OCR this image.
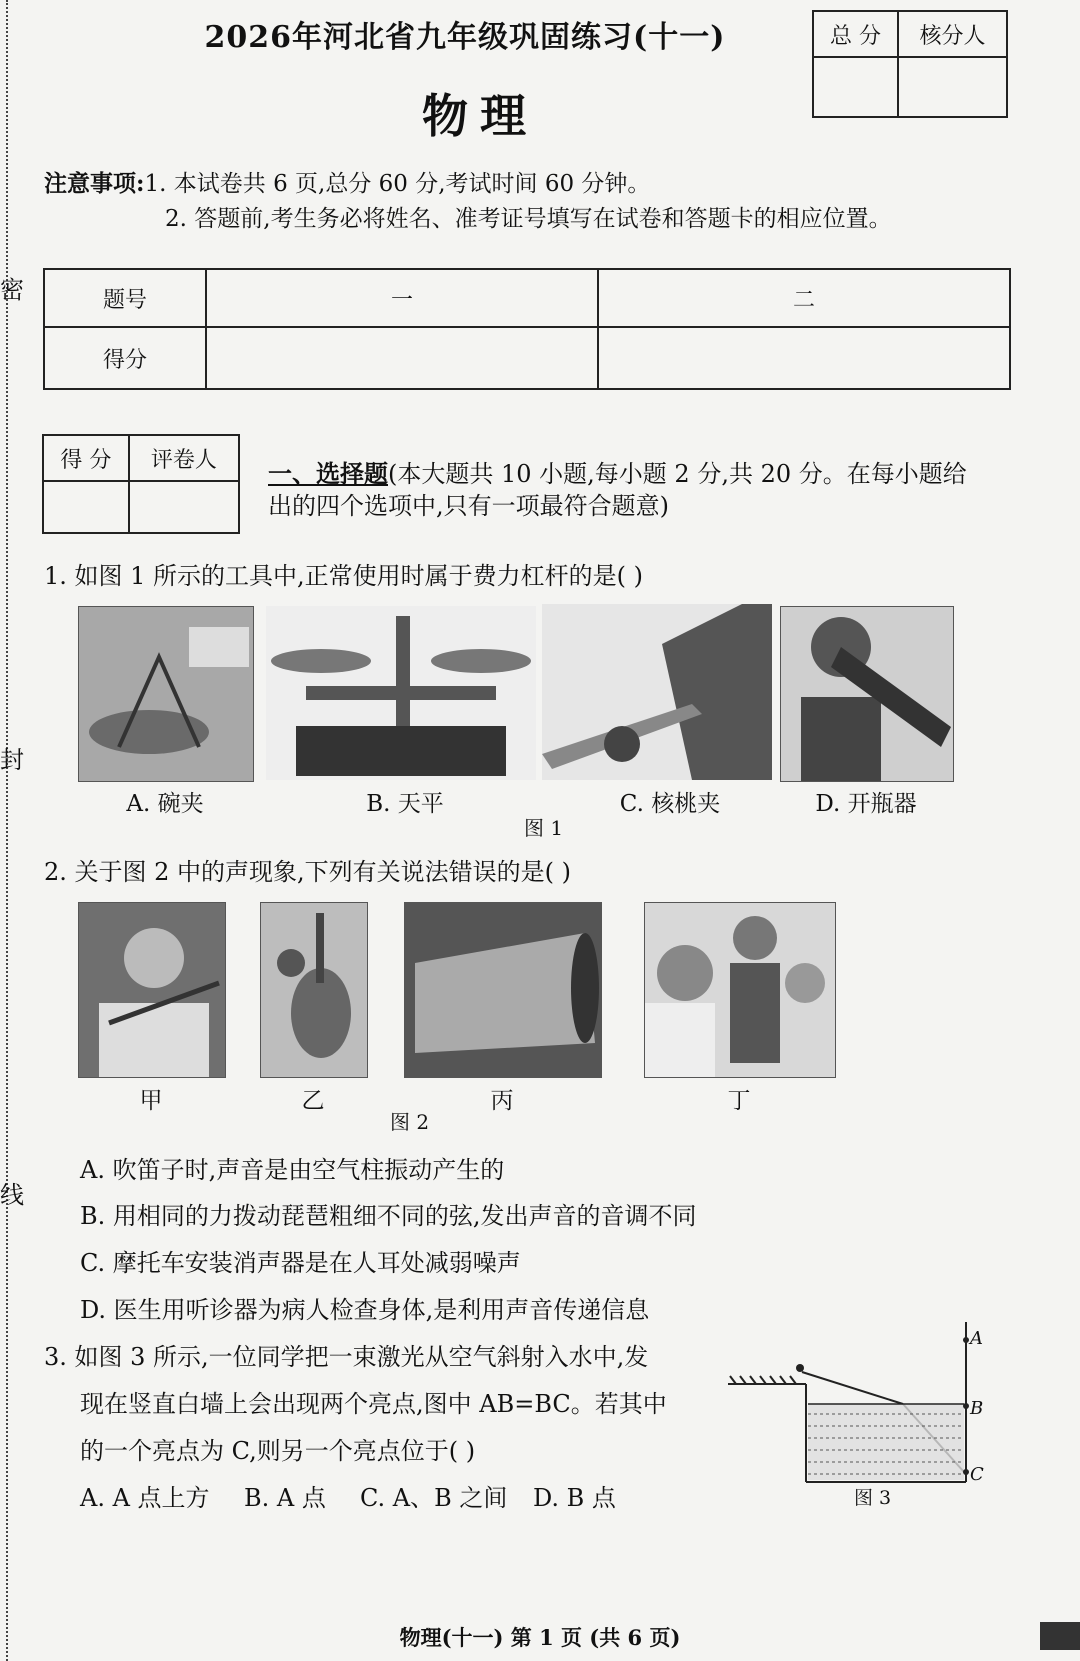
密
封
线
2026年河北省九年级巩固练习(十一)
物理
总 分	核分人

注意事项:1. 本试卷共 6 页,总分 60 分,考试时间 60 分钟。
2. 答题前,考生务必将姓名、准考证号填写在试卷和答题卡的相应位置。
题号	一	二
得分		
得 分	评卷人
	一、选择题(本大题共 10 小题,每小题 2 分,共 20 分。在每小题给
出的四个选项中,只有一项最符合题意)
1. 如图 1 所示的工具中,正常使用时属于费力杠杆的是( )
A. 碗夹	B. 天平	C. 核桃夹	D. 开瓶器
图 1
2. 关于图 2 中的声现象,下列有关说法错误的是( )
甲	乙	丙	丁
图 2
A. 吹笛子时,声音是由空气柱振动产生的
B. 用相同的力拨动琵琶粗细不同的弦,发出声音的音调不同
C. 摩托车安装消声器是在人耳处减弱噪声
D. 医生用听诊器为病人检查身体,是利用声音传递信息
3. 如图 3 所示,一位同学把一束激光从空气斜射入水中,发
现在竖直白墙上会出现两个亮点,图中 AB=BC。若其中
的一个亮点为 C,则另一个亮点位于( )
A. A 点上方 B. A 点 C. A、B 之间 D. B 点
A
B
C
图 3
物理(十一) 第 1 页 (共 6 页)
